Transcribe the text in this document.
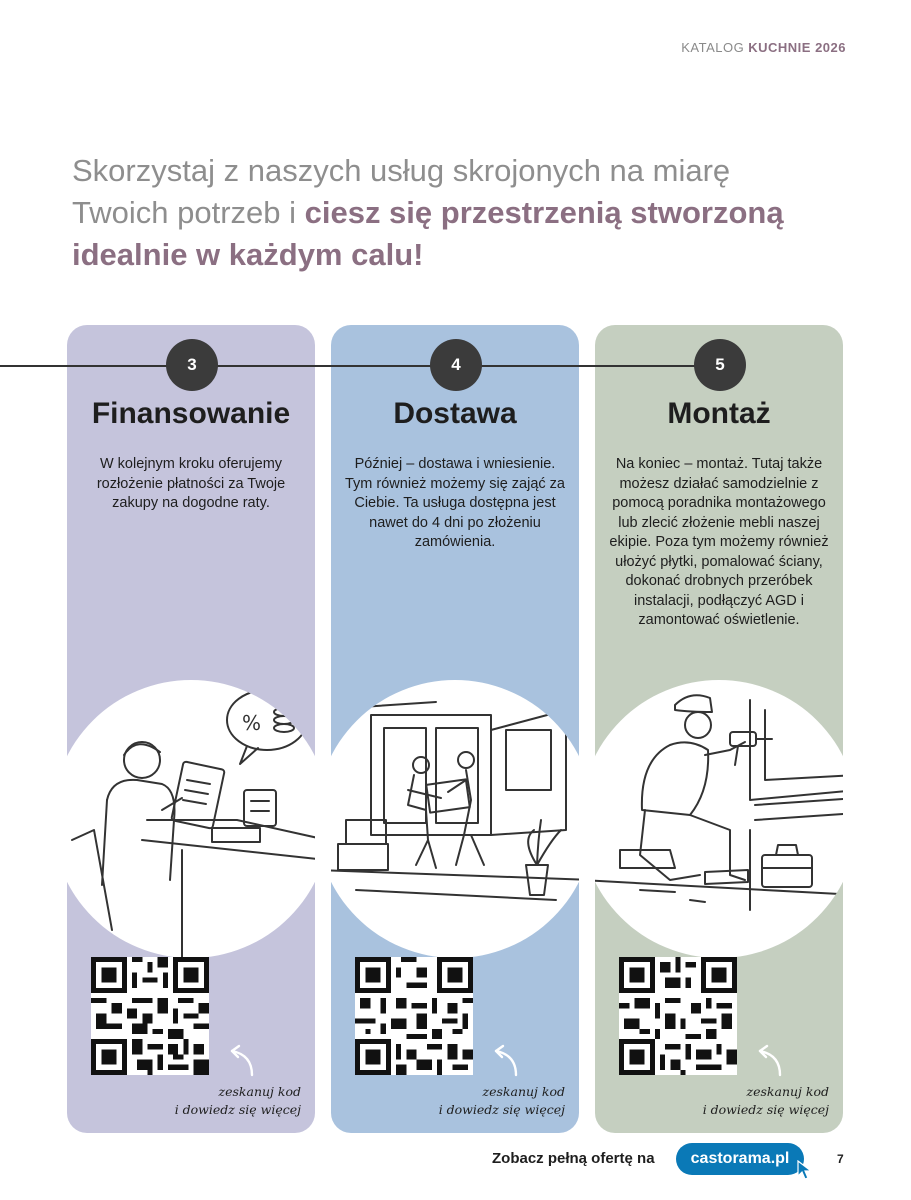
KATALOG KUCHNIE 2026
Skorzystaj z naszych usług skrojonych na miarę
Twoich potrzeb i ciesz się przestrzenią stworzoną
idealnie w każdym calu!
Finansowanie
W kolejnym kroku oferujemy rozłożenie płatności za Twoje zakupy na dogodne raty.
%
zeskanuj kod
i dowiedz się więcej
Dostawa
Później – dostawa i wniesienie. Tym również możemy się zająć za Ciebie. Ta usługa dostępna jest nawet do 4 dni po złożeniu zamówienia.
zeskanuj kod
i dowiedz się więcej
Montaż
Na koniec – montaż. Tutaj także możesz działać samodzielnie z pomocą poradnika montażowego lub zlecić złożenie mebli naszej ekipie. Poza tym możemy również ułożyć płytki, pomalować ściany, dokonać drobnych przeróbek instalacji, podłączyć AGD i zamontować oświetlenie.
zeskanuj kod
i dowiedz się więcej
3	4	5
Zobacz pełną ofertę na	castorama.pl	7
